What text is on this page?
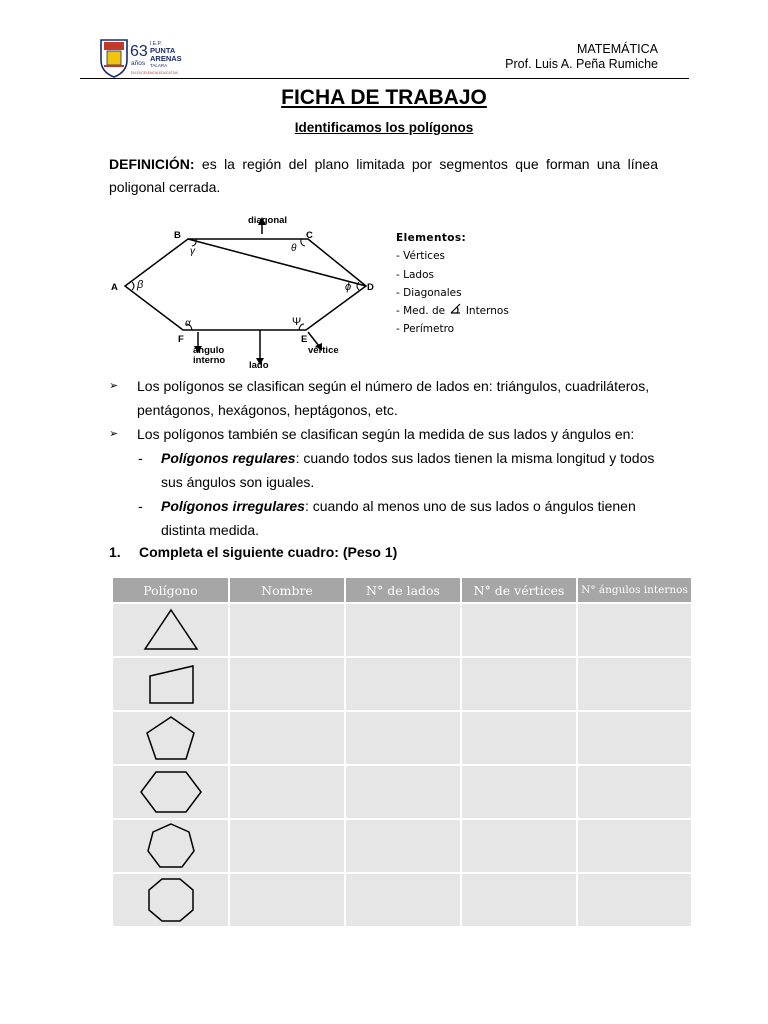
63
años
I.E.P.
PUNTA
ARENAS
TALARA
EN EXCELENCIA EDUCATIVA
MATEMÁTICA
Prof. Luis A. Peña Rumiche
FICHA DE TRABAJO
Identificamos los polígonos
DEFINICIÓN: es la región del plano limitada por segmentos que forman una línea poligonal cerrada.
diagonal
B	C
A	D
F	E
γ	θ
β	ϕ
α	Ψ
ángulo
interno	lado
vértice
Elementos:
- Vértices
- Lados
- Diagonales
- Med. de Internos
- Perímetro
➢ Los polígonos se clasifican según el número de lados en: triángulos, cuadriláteros, pentágonos, hexágonos, heptágonos, etc.
➢ Los polígonos también se clasifican según la medida de sus lados y ángulos en:
- Polígonos regulares: cuando todos sus lados tienen la misma longitud y todos sus ángulos son iguales.
- Polígonos irregulares: cuando al menos uno de sus lados o ángulos tienen distinta medida.
1. Completa el siguiente cuadro: (Peso 1)
Polígono	Nombre	N° de lados	N° de vértices	N° ángulos internos
